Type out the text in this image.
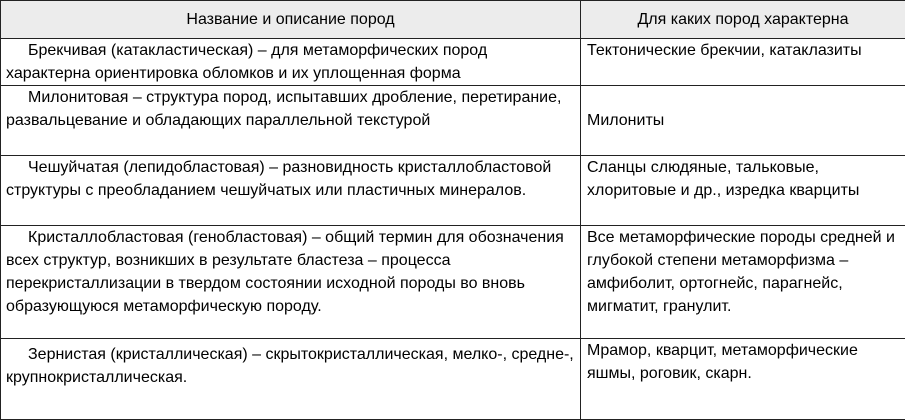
Название и описание пород	Для каких пород характерна
Брекчивая (катакластическая) – для метаморфических пород характерна ориентировка обломков и их уплощенная форма	Тектонические брекчии, катаклазиты
Милонитовая – структура пород, испытавших дробление, перетирание, развальцевание и обладающих параллельной текстурой	Милониты
Чешуйчатая (лепидобластовая) – разновидность кристаллобластовой структуры с преобладанием чешуйчатых или пластичных минералов.	Сланцы слюдяные, тальковые, хлоритовые и др., изредка кварциты
Кристаллобластовая (генобластовая) – общий термин для обозначения всех структур, возникших в результате бластеза – процесса перекристаллизации в твердом состоянии исходной породы во вновь образующуюся метаморфическую породу.	Все метаморфические породы средней и глубокой степени метаморфизма – амфиболит, ортогнейс, парагнейс, мигматит, гранулит.
Зернистая (кристаллическая) – скрытокристаллическая, мелко-, средне-, крупнокристаллическая.	Мрамор, кварцит, метаморфические яшмы, роговик, скарн.
